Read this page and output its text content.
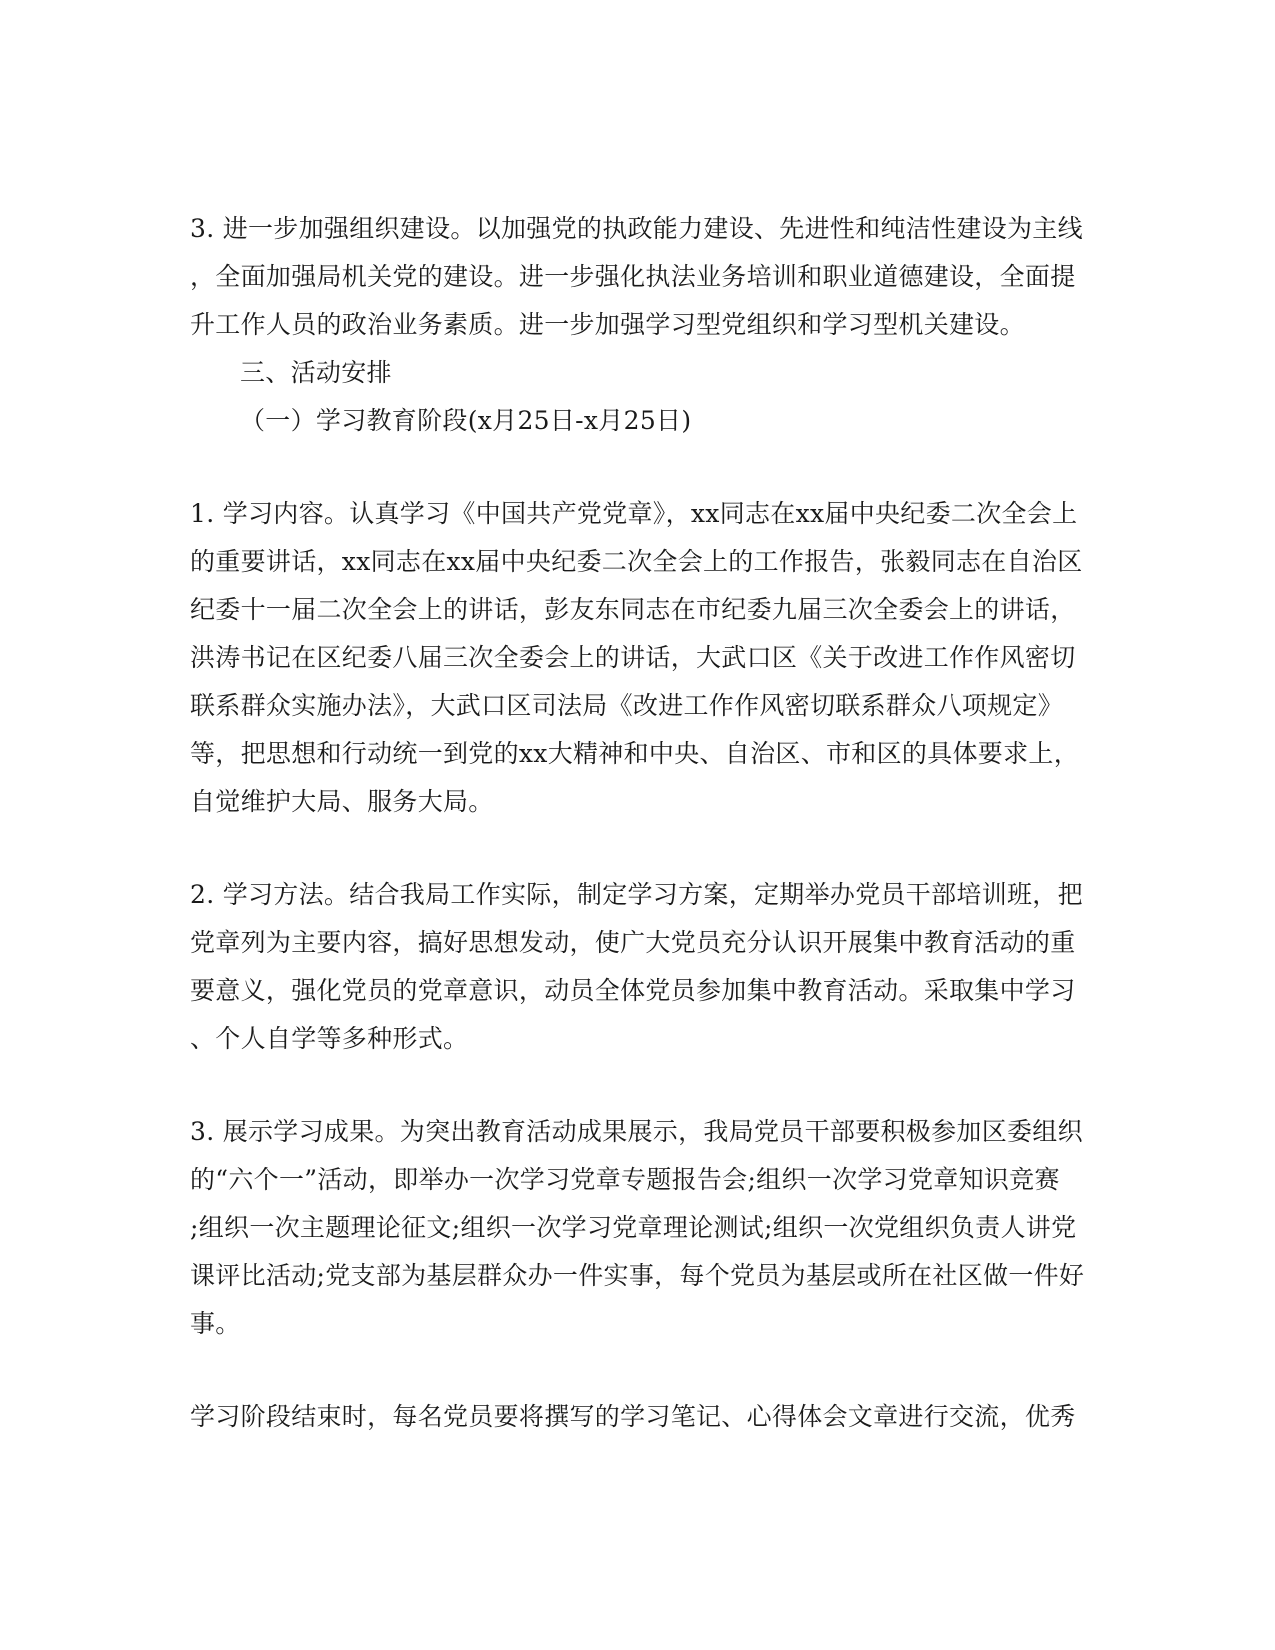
3. 进一步加强组织建设。以加强党的执政能力建设、先进性和纯洁性建设为主线
，全面加强局机关党的建设。进一步强化执法业务培训和职业道德建设，全面提
升工作人员的政治业务素质。进一步加强学习型党组织和学习型机关建设。
三、活动安排
（一）学习教育阶段(x月25日-x月25日)
1. 学习内容。认真学习《中国共产党党章》，xx同志在xx届中央纪委二次全会上
的重要讲话，xx同志在xx届中央纪委二次全会上的工作报告，张毅同志在自治区
纪委十一届二次全会上的讲话，彭友东同志在市纪委九届三次全委会上的讲话，
洪涛书记在区纪委八届三次全委会上的讲话，大武口区《关于改进工作作风密切
联系群众实施办法》，大武口区司法局《改进工作作风密切联系群众八项规定》
等，把思想和行动统一到党的xx大精神和中央、自治区、市和区的具体要求上，
自觉维护大局、服务大局。
2. 学习方法。结合我局工作实际，制定学习方案，定期举办党员干部培训班，把
党章列为主要内容，搞好思想发动，使广大党员充分认识开展集中教育活动的重
要意义，强化党员的党章意识，动员全体党员参加集中教育活动。采取集中学习
、个人自学等多种形式。
3. 展示学习成果。为突出教育活动成果展示，我局党员干部要积极参加区委组织
的“六个一”活动，即举办一次学习党章专题报告会;组织一次学习党章知识竞赛
;组织一次主题理论征文;组织一次学习党章理论测试;组织一次党组织负责人讲党
课评比活动;党支部为基层群众办一件实事，每个党员为基层或所在社区做一件好
事。
学习阶段结束时，每名党员要将撰写的学习笔记、心得体会文章进行交流，优秀
